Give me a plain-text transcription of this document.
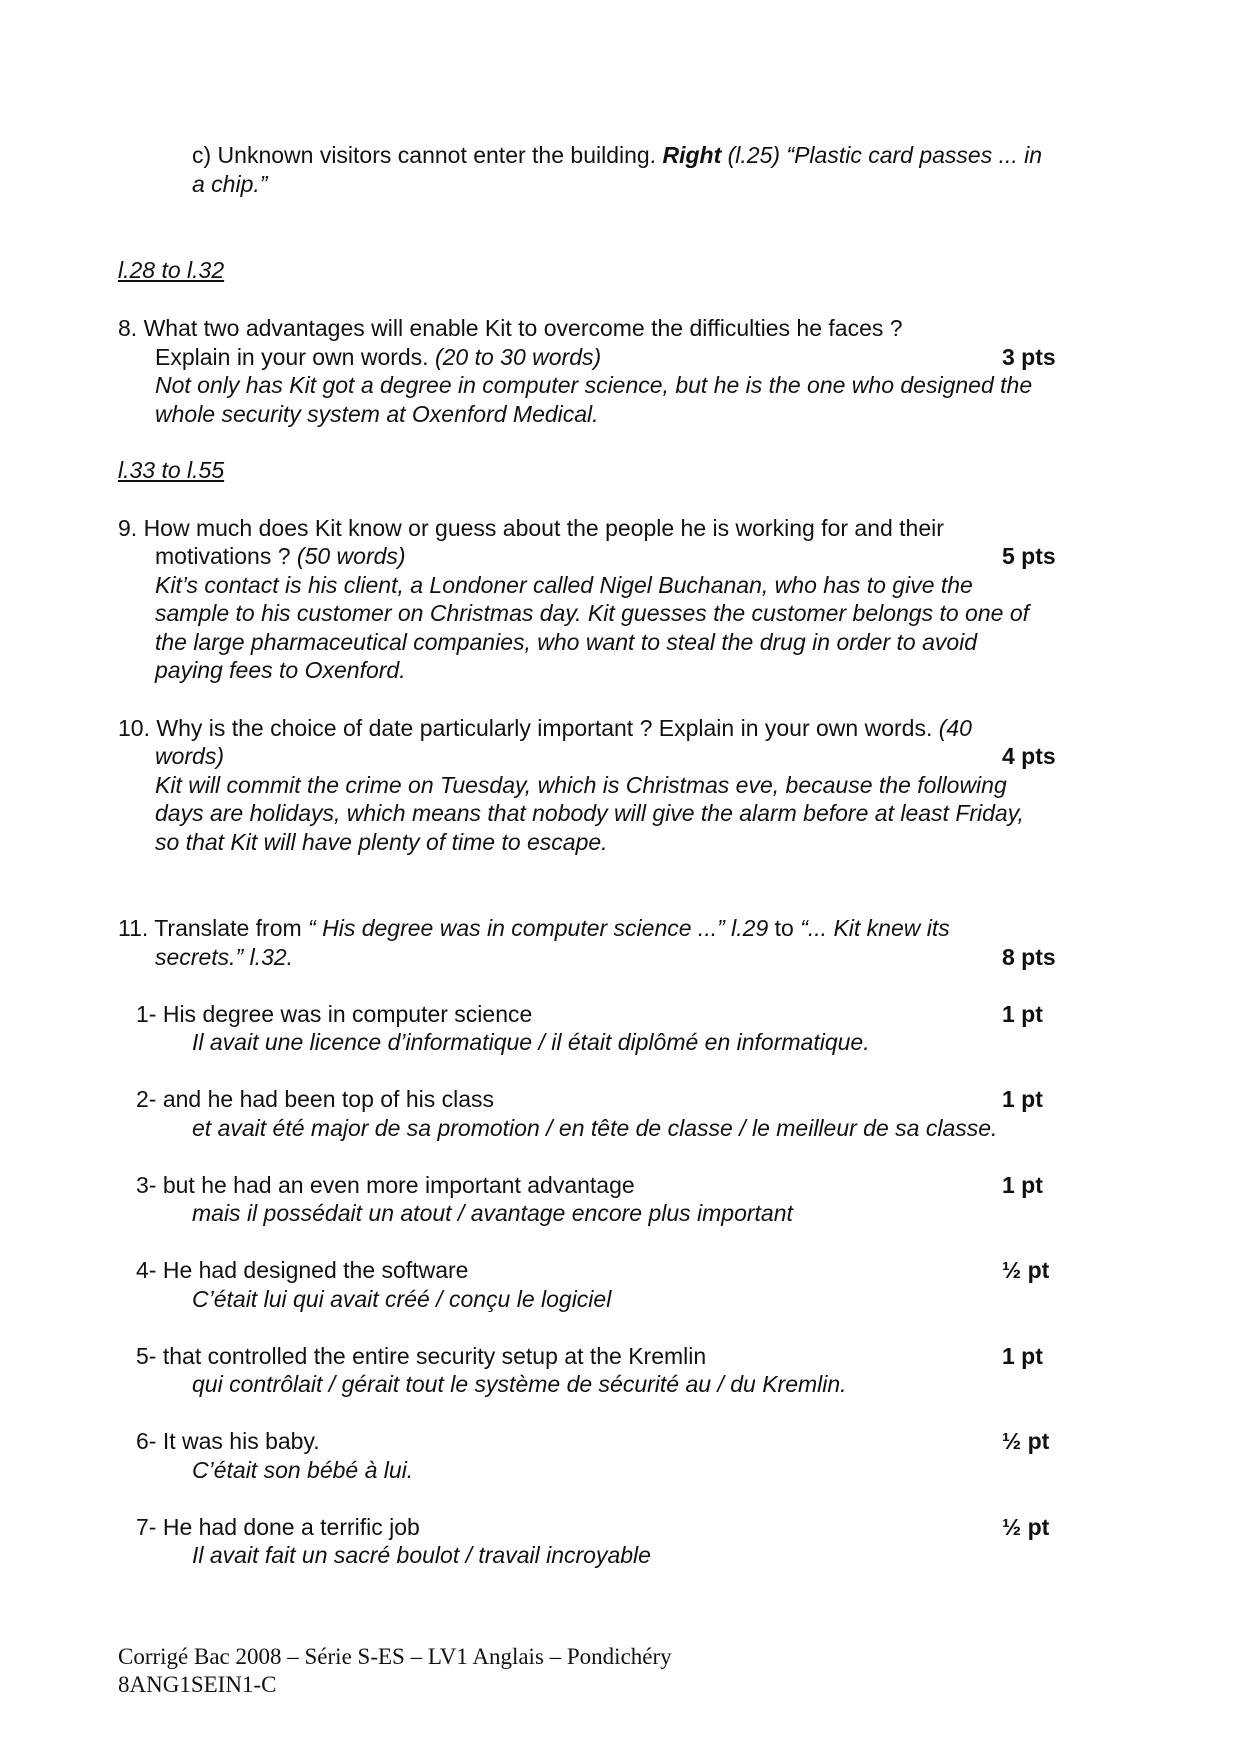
c) Unknown visitors cannot enter the building. Right (l.25) “Plastic card passes ... in
a chip.”
l.28 to l.32
8. What two advantages will enable Kit to overcome the difficulties he faces ?
Explain in your own words. (20 to 30 words)	3 pts
Not only has Kit got a degree in computer science, but he is the one who designed the
whole security system at Oxenford Medical.
l.33 to l.55
9. How much does Kit know or guess about the people he is working for and their
motivations ? (50 words)	5 pts
Kit’s contact is his client, a Londoner called Nigel Buchanan, who has to give the
sample to his customer on Christmas day. Kit guesses the customer belongs to one of
the large pharmaceutical companies, who want to steal the drug in order to avoid
paying fees to Oxenford.
10. Why is the choice of date particularly important ? Explain in your own words. (40
words)	4 pts
Kit will commit the crime on Tuesday, which is Christmas eve, because the following
days are holidays, which means that nobody will give the alarm before at least Friday,
so that Kit will have plenty of time to escape.
11. Translate from “ His degree was in computer science ...” l.29 to “... Kit knew its
secrets.” l.32.	8 pts
1- His degree was in computer science	1 pt
Il avait une licence d’informatique / il était diplômé en informatique.
2- and he had been top of his class	1 pt
et avait été major de sa promotion / en tête de classe / le meilleur de sa classe.
3- but he had an even more important advantage	1 pt
mais il possédait un atout / avantage encore plus important
4- He had designed the software	½ pt
C’était lui qui avait créé / conçu le logiciel
5- that controlled the entire security setup at the Kremlin	1 pt
qui contrôlait / gérait tout le système de sécurité au / du Kremlin.
6- It was his baby.	½ pt
C’était son bébé à lui.
7- He had done a terrific job	½ pt
Il avait fait un sacré boulot / travail incroyable
Corrigé Bac 2008 – Série S-ES – LV1 Anglais – Pondichéry
8ANG1SEIN1-C
